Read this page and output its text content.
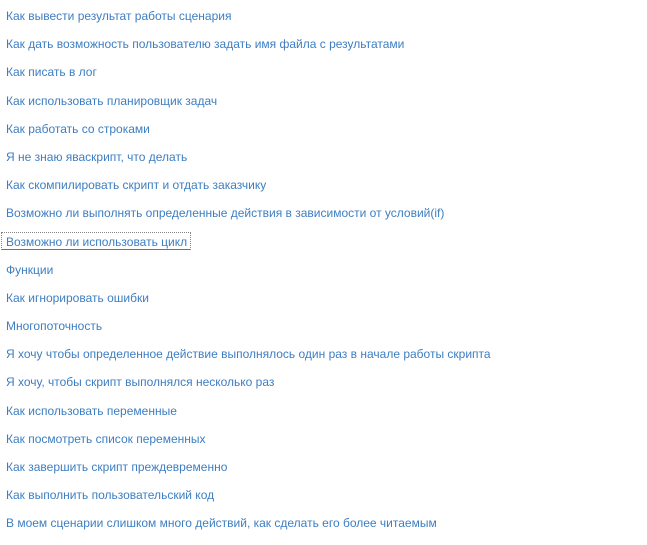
Как вывести результат работы сценария
Как дать возможность пользователю задать имя файла с результатами
Как писать в лог
Как использовать планировщик задач
Как работать со строками
Я не знаю яваскрипт, что делать
Как скомпилировать скрипт и отдать заказчику
Возможно ли выполнять определенные действия в зависимости от условий(if)
Возможно ли использовать цикл
Функции
Как игнорировать ошибки
Многопоточность
Я хочу чтобы определенное действие выполнялось один раз в начале работы скрипта
Я хочу, чтобы скрипт выполнялся несколько раз
Как использовать переменные
Как посмотреть список переменных
Как завершить скрипт преждевременно
Как выполнить пользовательский код
В моем сценарии слишком много действий, как сделать его более читаемым
